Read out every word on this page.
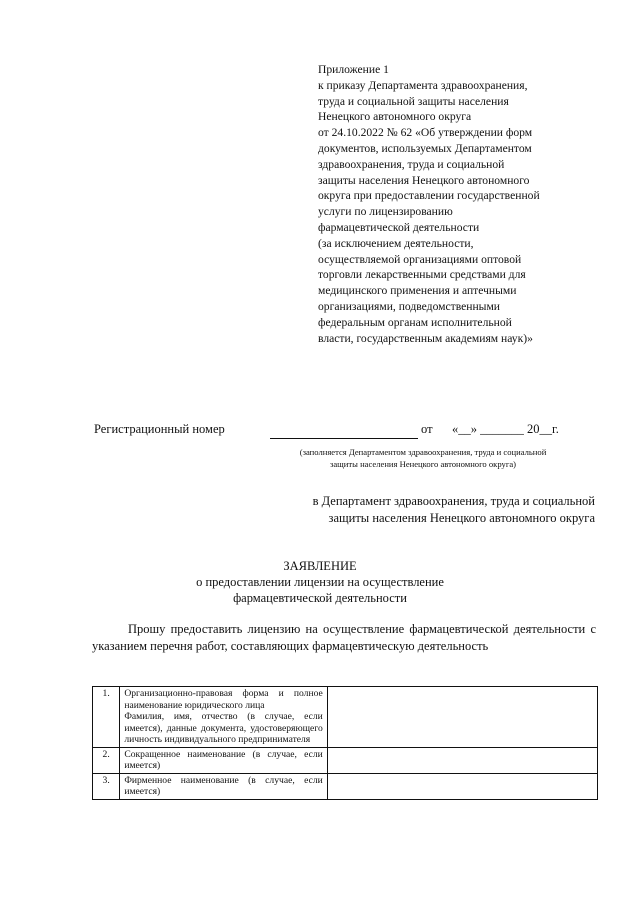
Приложение 1
к приказу Департамента здравоохранения,
труда и социальной защиты населения
Ненецкого автономного округа
от 24.10.2022 № 62 «Об утверждении форм
документов, используемых Департаментом
здравоохранения, труда и социальной
защиты населения Ненецкого автономного
округа при предоставлении государственной
услуги по лицензированию
фармацевтической деятельности
(за исключением деятельности,
осуществляемой организациями оптовой
торговли лекарственными средствами для
медицинского применения и аптечными
организациями, подведомственными
федеральным органам исполнительной
власти, государственным академиям наук)»
Регистрационный номер	от «__» _______ 20__г.
(заполняется Департаментом здравоохранения, труда и социальной
защиты населения Ненецкого автономного округа)
в Департамент здравоохранения, труда и социальной
защиты населения Ненецкого автономного округа
ЗАЯВЛЕНИЕ
о предоставлении лицензии на осуществление
фармацевтической деятельности
Прошу предоставить лицензию на осуществление фармацевтической деятельности с указанием перечня работ, составляющих фармацевтическую деятельность
1.	Организационно-правовая форма и полное наименование юридического лица

Фамилия, имя, отчество (в случае, если имеется), данные документа, удостоверяющего личность индивидуального предпринимателя	

2.	Сокращенное наименование (в случае, если имеется)	

3.	Фирменное наименование (в случае, если имеется)	
